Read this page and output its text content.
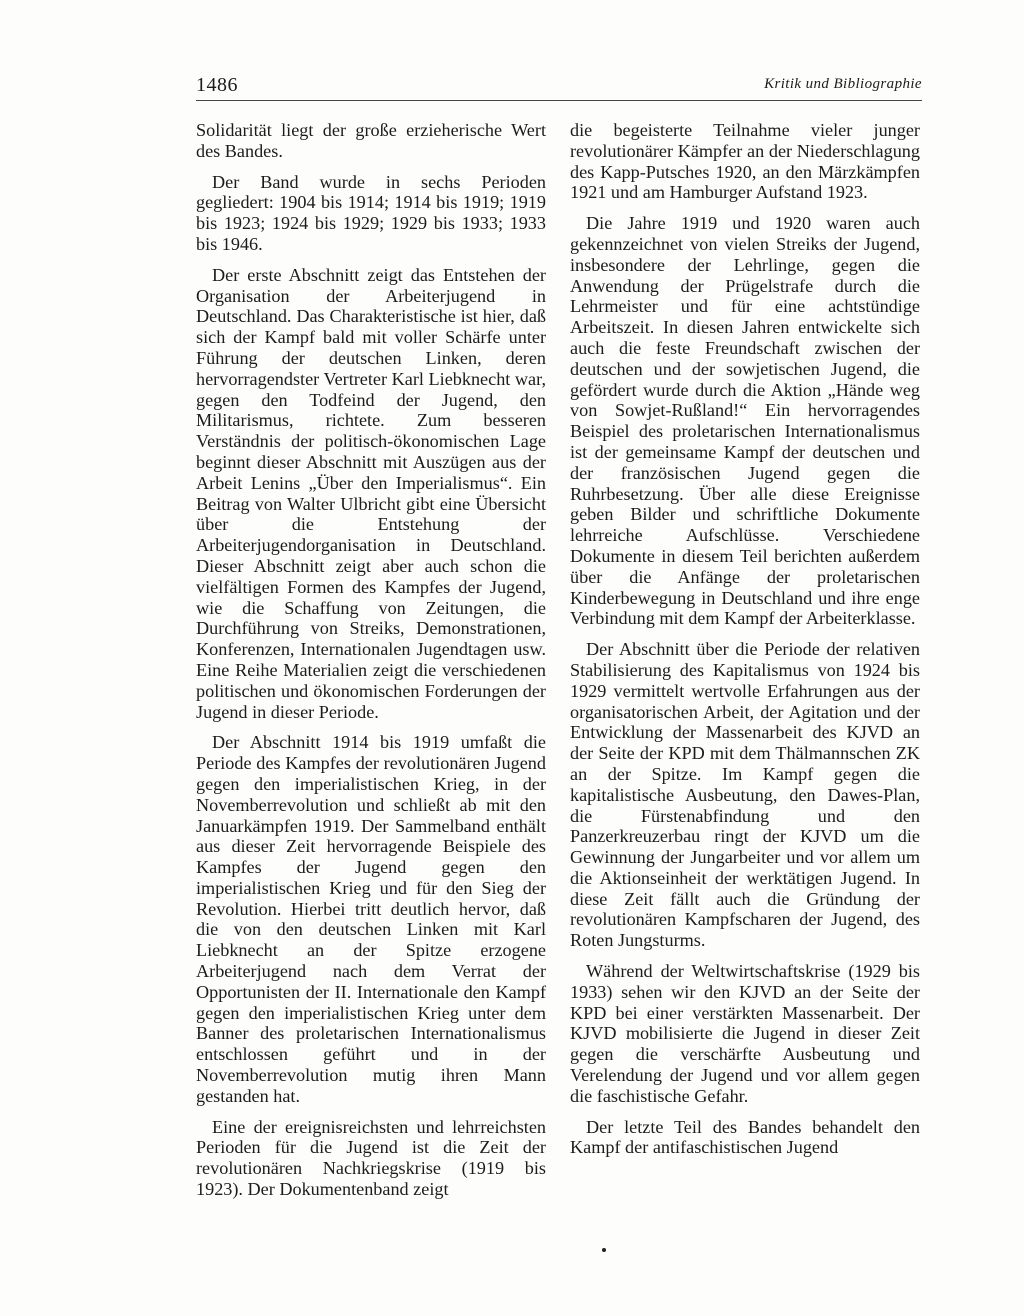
1486	Kritik und Bibliographie

Solidarität liegt der große erzieherische Wert des Bandes.

Der Band wurde in sechs Perioden gegliedert: 1904 bis 1914; 1914 bis 1919; 1919 bis 1923; 1924 bis 1929; 1929 bis 1933; 1933 bis 1946.

Der erste Abschnitt zeigt das Entstehen der Organisation der Arbeiterjugend in Deutschland. Das Charakteristische ist hier, daß sich der Kampf bald mit voller Schärfe unter Führung der deutschen Linken, deren hervorragendster Vertreter Karl Liebknecht war, gegen den Todfeind der Jugend, den Militarismus, richtete. Zum besseren Verständnis der politisch-ökonomischen Lage beginnt dieser Abschnitt mit Auszügen aus der Arbeit Lenins „Über den Imperialismus“. Ein Beitrag von Walter Ulbricht gibt eine Übersicht über die Entstehung der Arbeiterjugendorganisation in Deutschland. Dieser Abschnitt zeigt aber auch schon die vielfältigen Formen des Kampfes der Jugend, wie die Schaffung von Zeitungen, die Durchführung von Streiks, Demonstrationen, Konferenzen, Internationalen Jugendtagen usw. Eine Reihe Materialien zeigt die verschiedenen politischen und ökonomischen Forderungen der Jugend in dieser Periode.

Der Abschnitt 1914 bis 1919 umfaßt die Periode des Kampfes der revolutionären Jugend gegen den imperialistischen Krieg, in der Novemberrevolution und schließt ab mit den Januarkämpfen 1919. Der Sammelband enthält aus dieser Zeit hervorragende Beispiele des Kampfes der Jugend gegen den imperialistischen Krieg und für den Sieg der Revolution. Hierbei tritt deutlich hervor, daß die von den deutschen Linken mit Karl Liebknecht an der Spitze erzogene Arbeiterjugend nach dem Verrat der Opportunisten der II. Internationale den Kampf gegen den imperialistischen Krieg unter dem Banner des proletarischen Internationalismus entschlossen geführt und in der Novemberrevolution mutig ihren Mann gestanden hat.

Eine der ereignisreichsten und lehrreichsten Perioden für die Jugend ist die Zeit der revolutionären Nachkriegskrise (1919 bis 1923). Der Dokumentenband zeigt

die begeisterte Teilnahme vieler junger revolutionärer Kämpfer an der Niederschlagung des Kapp-Putsches 1920, an den Märzkämpfen 1921 und am Hamburger Aufstand 1923.

Die Jahre 1919 und 1920 waren auch gekennzeichnet von vielen Streiks der Jugend, insbesondere der Lehrlinge, gegen die Anwendung der Prügelstrafe durch die Lehrmeister und für eine achtstündige Arbeitszeit. In diesen Jahren entwickelte sich auch die feste Freundschaft zwischen der deutschen und der sowjetischen Jugend, die gefördert wurde durch die Aktion „Hände weg von Sowjet-Rußland!“ Ein hervorragendes Beispiel des proletarischen Internationalismus ist der gemeinsame Kampf der deutschen und der französischen Jugend gegen die Ruhrbesetzung. Über alle diese Ereignisse geben Bilder und schriftliche Dokumente lehrreiche Aufschlüsse. Verschiedene Dokumente in diesem Teil berichten außerdem über die Anfänge der proletarischen Kinderbewegung in Deutschland und ihre enge Verbindung mit dem Kampf der Arbeiterklasse.

Der Abschnitt über die Periode der relativen Stabilisierung des Kapitalismus von 1924 bis 1929 vermittelt wertvolle Erfahrungen aus der organisatorischen Arbeit, der Agitation und der Entwicklung der Massenarbeit des KJVD an der Seite der KPD mit dem Thälmannschen ZK an der Spitze. Im Kampf gegen die kapitalistische Ausbeutung, den Dawes-Plan, die Fürstenabfindung und den Panzerkreuzerbau ringt der KJVD um die Gewinnung der Jungarbeiter und vor allem um die Aktionseinheit der werktätigen Jugend. In diese Zeit fällt auch die Gründung der revolutionären Kampfscharen der Jugend, des Roten Jungsturms.

Während der Weltwirtschaftskrise (1929 bis 1933) sehen wir den KJVD an der Seite der KPD bei einer verstärkten Massenarbeit. Der KJVD mobilisierte die Jugend in dieser Zeit gegen die verschärfte Ausbeutung und Verelendung der Jugend und vor allem gegen die faschistische Gefahr.

Der letzte Teil des Bandes behandelt den Kampf der antifaschistischen Jugend
